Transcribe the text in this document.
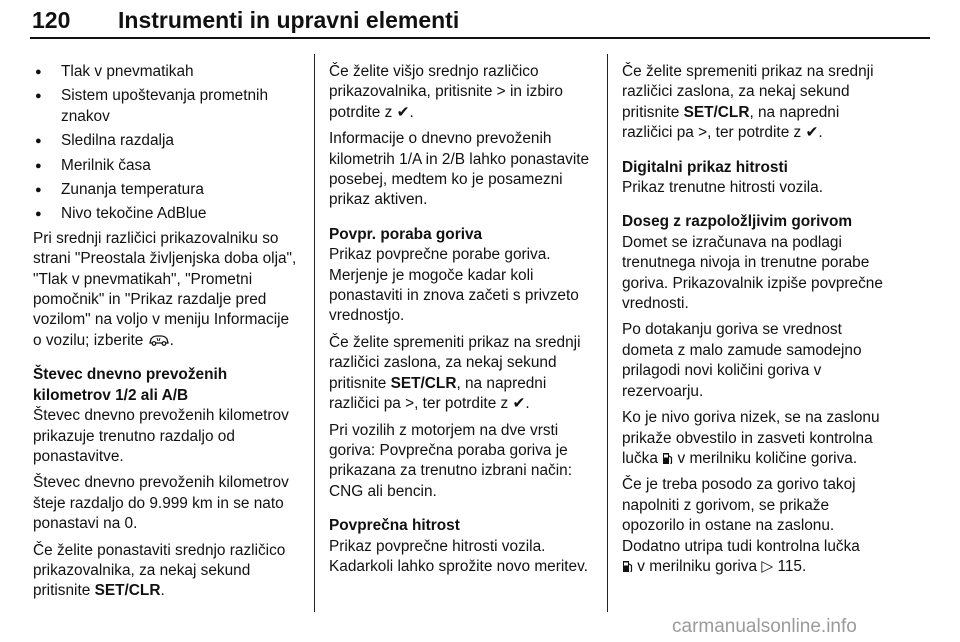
120 Instrumenti in upravni elementi
● Tlak v pnevmatikah
● Sistem upoštevanja prometnih znakov
● Sledilna razdalja
● Merilnik časa
● Zunanja temperatura
● Nivo tekočine AdBlue

Pri srednji različici prikazovalniku so strani "Preostala življenjska doba olja", "Tlak v pnevmatikah", "Prometni pomočnik" in "Prikaz razdalje pred vozilom" na voljo v meniju Informacije o vozilu; izberite .

Števec dnevno prevoženih kilometrov 1/2 ali A/B

Števec dnevno prevoženih kilometrov prikazuje trenutno razdaljo od ponastavitve.

Števec dnevno prevoženih kilometrov šteje razdaljo do 9.999 km in se nato ponastavi na 0.

Če želite ponastaviti srednjo različico prikazovalnika, za nekaj sekund pritisnite SET/CLR.

Če želite višjo srednjo različico prikazovalnika, pritisnite > in izbiro potrdite z ✔.

Informacije o dnevno prevoženih kilometrih 1/A in 2/B lahko ponastavite posebej, medtem ko je posamezni prikaz aktiven.

Povpr. poraba goriva

Prikaz povprečne porabe goriva. Merjenje je mogoče kadar koli ponastaviti in znova začeti s privzeto vrednostjo.

Če želite spremeniti prikaz na srednji različici zaslona, za nekaj sekund pritisnite SET/CLR, na napredni različici pa >, ter potrdite z ✔.

Pri vozilih z motorjem na dve vrsti goriva: Povprečna poraba goriva je prikazana za trenutno izbrani način: CNG ali bencin.

Povprečna hitrost

Prikaz povprečne hitrosti vozila. Kadarkoli lahko sprožite novo meritev.

Če želite spremeniti prikaz na srednji različici zaslona, za nekaj sekund pritisnite SET/CLR, na napredni različici pa >, ter potrdite z ✔.

Digitalni prikaz hitrosti

Prikaz trenutne hitrosti vozila.

Doseg z razpoložljivim gorivom

Domet se izračunava na podlagi trenutnega nivoja in trenutne porabe goriva. Prikazovalnik izpiše povprečne vrednosti.

Po dotakanju goriva se vrednost dometa z malo zamude samodejno prilagodi novi količini goriva v rezervoarju.

Ko je nivo goriva nizek, se na zaslonu prikaže obvestilo in zasveti kontrolna lučka v merilniku količine goriva.

Če je treba posodo za gorivo takoj napolniti z gorivom, se prikaže opozorilo in ostane na zaslonu. Dodatno utripa tudi kontrolna lučka
v merilniku goriva ▷ 115.

carmanualsonline.info
